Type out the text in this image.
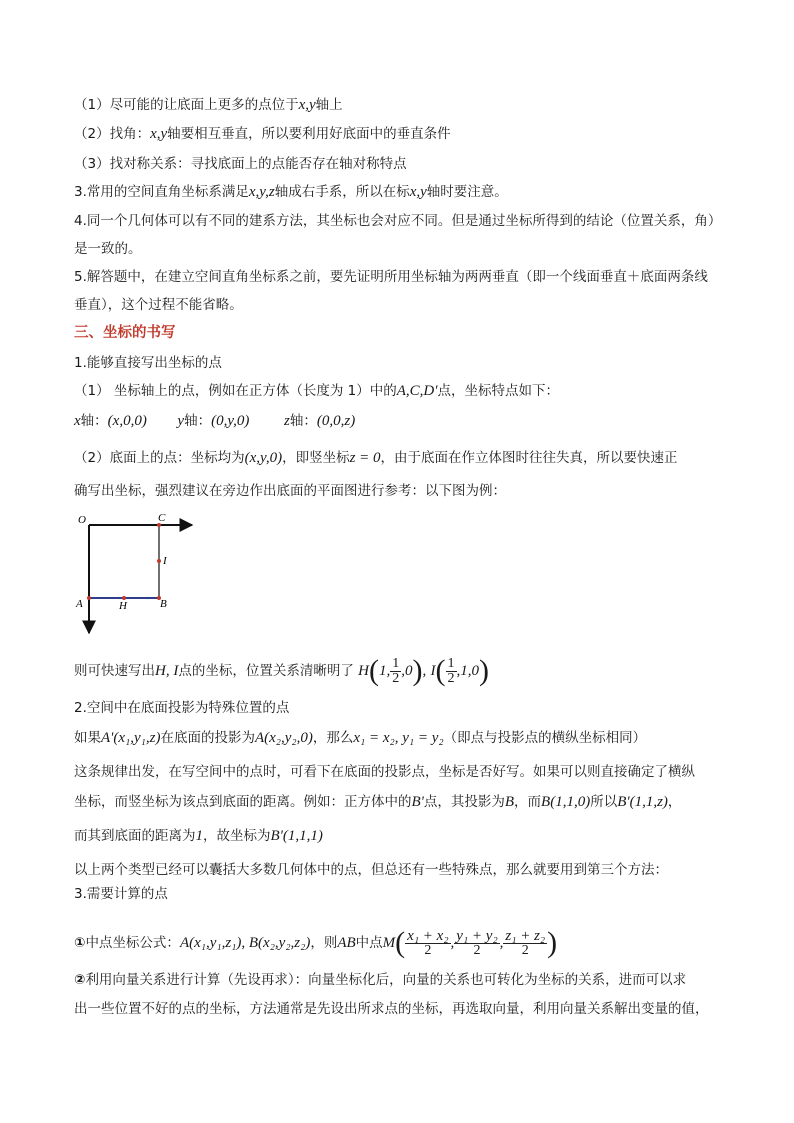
（1）尽可能的让底面上更多的点位于x,y轴上
（2）找角：x,y轴要相互垂直，所以要利用好底面中的垂直条件
（3）找对称关系：寻找底面上的点能否存在轴对称特点
3.常用的空间直角坐标系满足x,y,z轴成右手系，所以在标x,y轴时要注意。
4.同一个几何体可以有不同的建系方法，其坐标也会对应不同。但是通过坐标所得到的结论（位置关系，角）
是一致的。
5.解答题中，在建立空间直角坐标系之前，要先证明所用坐标轴为两两垂直（即一个线面垂直＋底面两条线
垂直），这个过程不能省略。
三、坐标的书写
1.能够直接写出坐标的点
（1） 坐标轴上的点，例如在正方体（长度为 1）中的A,C,D'点，坐标特点如下：
x轴：(x,0,0) y轴：(0,y,0) z轴：(0,0,z)
（2）底面上的点：坐标均为(x,y,0)，即竖坐标z = 0，由于底面在作立体图时往往失真，所以要快速正
确写出坐标，强烈建议在旁边作出底面的平面图进行参考：以下图为例：
O	C
I
A	H	B
则可快速写出H, I点的坐标，位置关系清晰明了 H(1, $\frac{1}{2} ,0$), $I( \frac{1}{2} ,1,0)$
2.空间中在底面投影为特殊位置的点
如果A'(x₁,y₁,z)在底面的投影为A(x₂,y₂,0)，那么x₁ = x₂, y₁ = y₂（即点与投影点的横纵坐标相同）
这条规律出发，在写空间中的点时，可看下在底面的投影点，坐标是否好写。如果可以则直接确定了横纵
坐标，而竖坐标为该点到底面的距离。例如：正方体中的B'点，其投影为B，而B(1,1,0)所以B'(1,1,z)，
而其到底面的距离为1，故坐标为B'(1,1,1)
以上两个类型已经可以囊括大多数几何体中的点，但总还有一些特殊点，那么就要用到第三个方法：
3.需要计算的点
①中点坐标公式：A(x₁,y₁,z₁), B(x₂,y₂,z₂)，则AB中点$M( \frac{\text{x₁ + x₂}}{2}$ , $\frac{\text{y₁ + y₂}}{2}$ , $\frac{\text{z₁ + z₂}}{2}$ )
②利用向量关系进行计算（先设再求）：向量坐标化后，向量的关系也可转化为坐标的关系，进而可以求
出一些位置不好的点的坐标，方法通常是先设出所求点的坐标，再选取向量，利用向量关系解出变量的值，
